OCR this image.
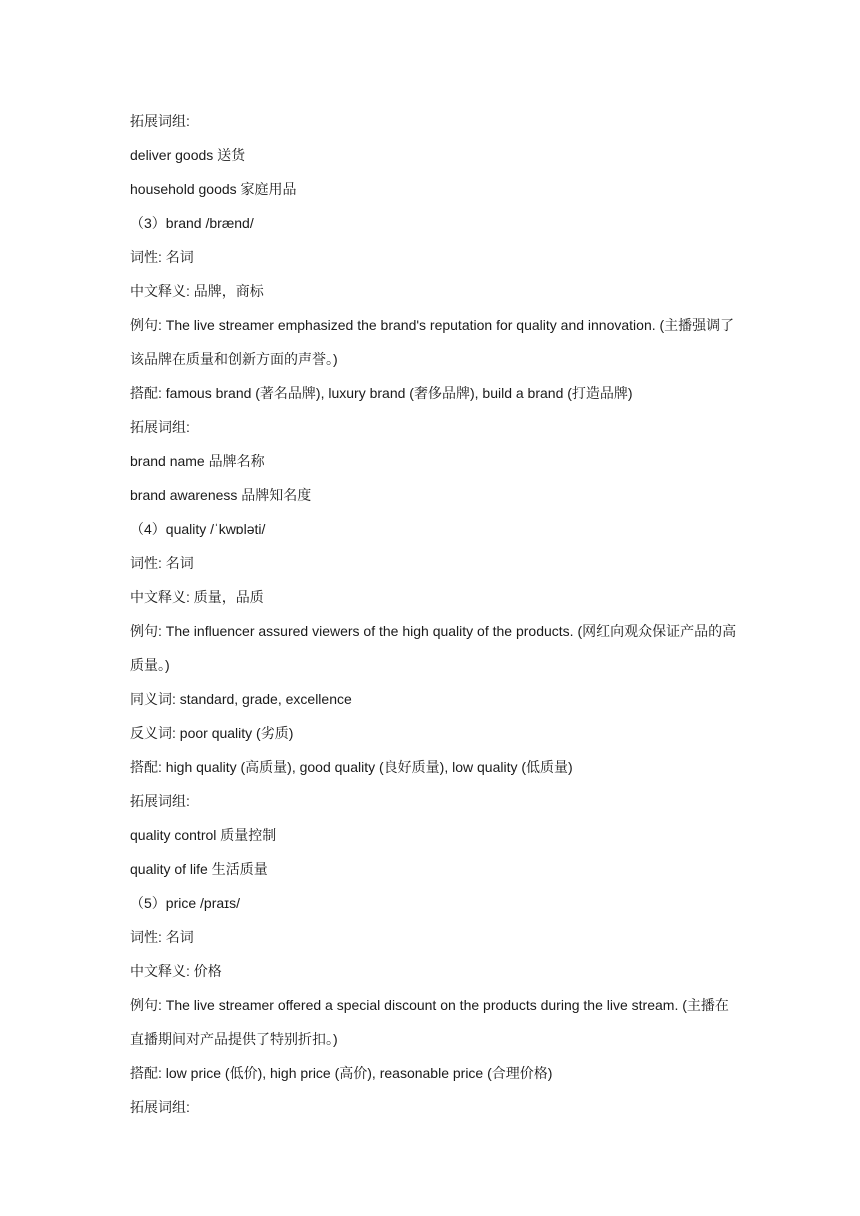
拓展词组:
deliver goods 送货
household goods 家庭用品
（3）brand /brænd/
词性: 名词
中文释义: 品牌，商标
例句: The live streamer emphasized the brand's reputation for quality and innovation. (主播强调了该品牌在质量和创新方面的声誉。)
搭配: famous brand (著名品牌), luxury brand (奢侈品牌), build a brand (打造品牌)
拓展词组:
brand name 品牌名称
brand awareness 品牌知名度
（4）quality /ˈkwɒləti/
词性: 名词
中文释义: 质量，品质
例句: The influencer assured viewers of the high quality of the products. (网红向观众保证产品的高质量。)
同义词: standard, grade, excellence
反义词: poor quality (劣质)
搭配: high quality (高质量), good quality (良好质量), low quality (低质量)
拓展词组:
quality control 质量控制
quality of life 生活质量
（5）price /praɪs/
词性: 名词
中文释义: 价格
例句: The live streamer offered a special discount on the products during the live stream. (主播在直播期间对产品提供了特别折扣。)
搭配: low price (低价), high price (高价), reasonable price (合理价格)
拓展词组:
